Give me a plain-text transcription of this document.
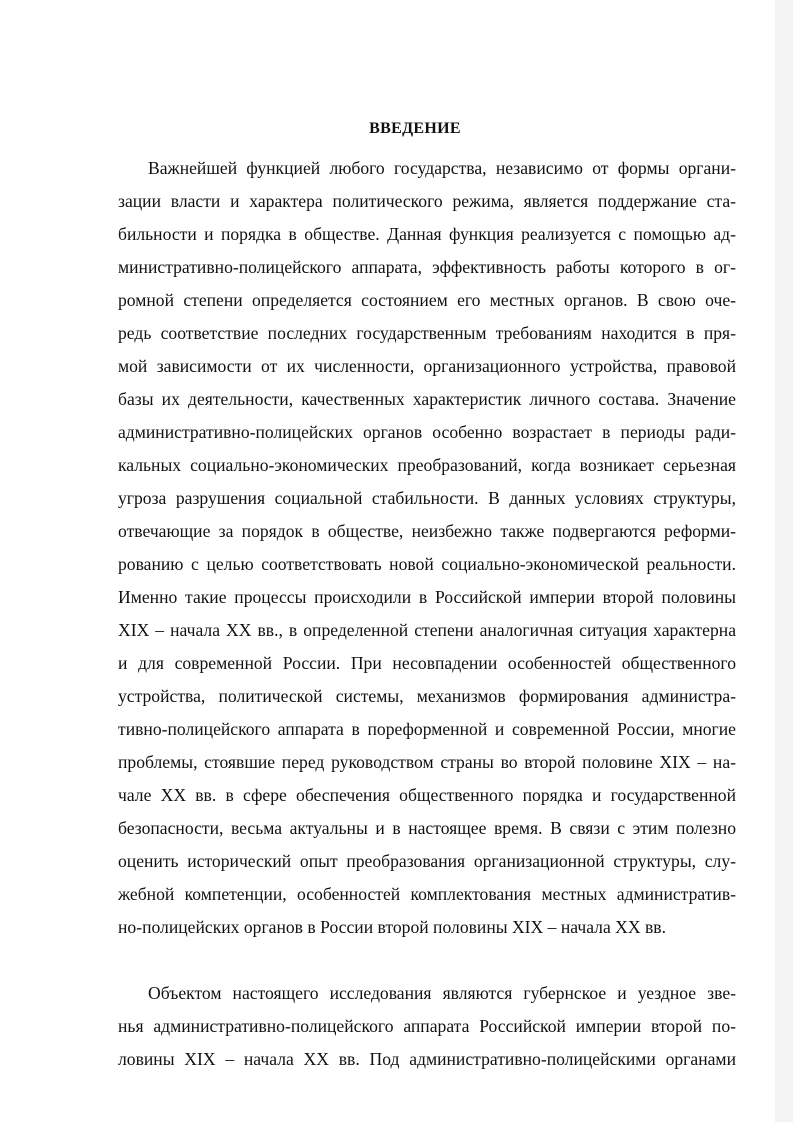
ВВЕДЕНИЕ
Важнейшей функцией любого государства, независимо от формы органи-
зации власти и характера политического режима, является поддержание ста-
бильности и порядка в обществе. Данная функция реализуется с помощью ад-
министративно-полицейского аппарата, эффективность работы которого в ог-
ромной степени определяется состоянием его местных органов. В свою оче-
редь соответствие последних государственным требованиям находится в пря-
мой зависимости от их численности, организационного устройства, правовой
базы их деятельности, качественных характеристик личного состава. Значение
административно-полицейских органов особенно возрастает в периоды ради-
кальных социально-экономических преобразований, когда возникает серьезная
угроза разрушения социальной стабильности. В данных условиях структуры,
отвечающие за порядок в обществе, неизбежно также подвергаются реформи-
рованию с целью соответствовать новой социально-экономической реальности.
Именно такие процессы происходили в Российской империи второй половины
XIX – начала XX вв., в определенной степени аналогичная ситуация характерна
и для современной России. При несовпадении особенностей общественного
устройства, политической системы, механизмов формирования администра-
тивно-полицейского аппарата в пореформенной и современной России, многие
проблемы, стоявшие перед руководством страны во второй половине XIX – на-
чале XX вв. в сфере обеспечения общественного порядка и государственной
безопасности, весьма актуальны и в настоящее время. В связи с этим полезно
оценить исторический опыт преобразования организационной структуры, слу-
жебной компетенции, особенностей комплектования местных административ-
но-полицейских органов в России второй половины XIX – начала XX вв.
Объектом настоящего исследования являются губернское и уездное зве-
нья административно-полицейского аппарата Российской империи второй по-
ловины XIX – начала XX вв. Под административно-полицейскими органами
